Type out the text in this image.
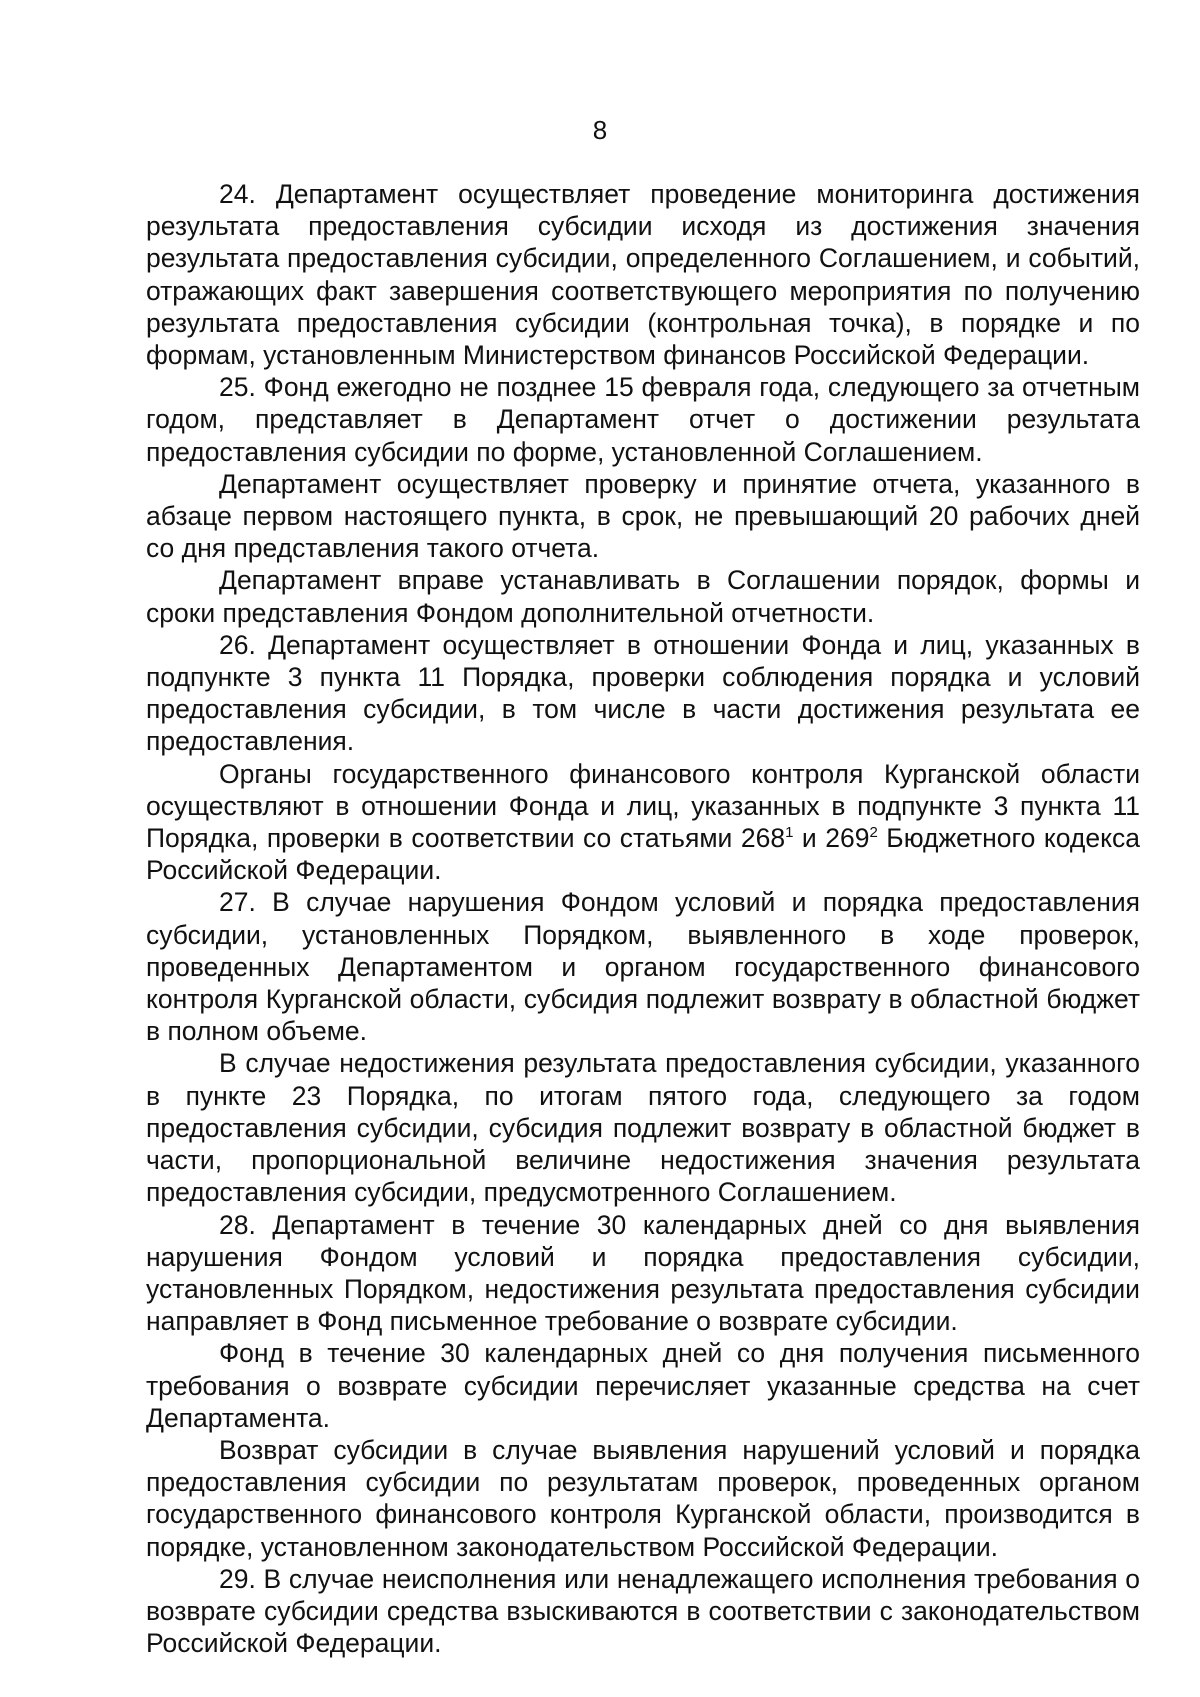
8

24. Департамент осуществляет проведение мониторинга достижения результата предоставления субсидии исходя из достижения значения результата предоставления субсидии, определенного Соглашением, и событий, отражающих факт завершения соответствующего мероприятия по получению результата предоставления субсидии (контрольная точка), в порядке и по формам, установленным Министерством финансов Российской Федерации.

25. Фонд ежегодно не позднее 15 февраля года, следующего за отчетным годом, представляет в Департамент отчет о достижении результата предоставления субсидии по форме, установленной Соглашением.

Департамент осуществляет проверку и принятие отчета, указанного в абзаце первом настоящего пункта, в срок, не превышающий 20 рабочих дней со дня представления такого отчета.

Департамент вправе устанавливать в Соглашении порядок, формы и сроки представления Фондом дополнительной отчетности.

26. Департамент осуществляет в отношении Фонда и лиц, указанных в подпункте 3 пункта 11 Порядка, проверки соблюдения порядка и условий предоставления субсидии, в том числе в части достижения результата ее предоставления.

Органы государственного финансового контроля Курганской области осуществляют в отношении Фонда и лиц, указанных в подпункте 3 пункта 11 Порядка, проверки в соответствии со статьями $268^1$ и $269^2$ Бюджетного кодекса Российской Федерации.

27. В случае нарушения Фондом условий и порядка предоставления субсидии, установленных Порядком, выявленного в ходе проверок, проведенных Департаментом и органом государственного финансового контроля Курганской области, субсидия подлежит возврату в областной бюджет в полном объеме.

В случае недостижения результата предоставления субсидии, указанного в пункте 23 Порядка, по итогам пятого года, следующего за годом предоставления субсидии, субсидия подлежит возврату в областной бюджет в части, пропорциональной величине недостижения значения результата предоставления субсидии, предусмотренного Соглашением.

28. Департамент в течение 30 календарных дней со дня выявления нарушения Фондом условий и порядка предоставления субсидии, установленных Порядком, недостижения результата предоставления субсидии направляет в Фонд письменное требование о возврате субсидии.

Фонд в течение 30 календарных дней со дня получения письменного требования о возврате субсидии перечисляет указанные средства на счет Департамента.

Возврат субсидии в случае выявления нарушений условий и порядка предоставления субсидии по результатам проверок, проведенных органом государственного финансового контроля Курганской области, производится в порядке, установленном законодательством Российской Федерации.

29. В случае неисполнения или ненадлежащего исполнения требования о возврате субсидии средства взыскиваются в соответствии с законодательством Российской Федерации.
